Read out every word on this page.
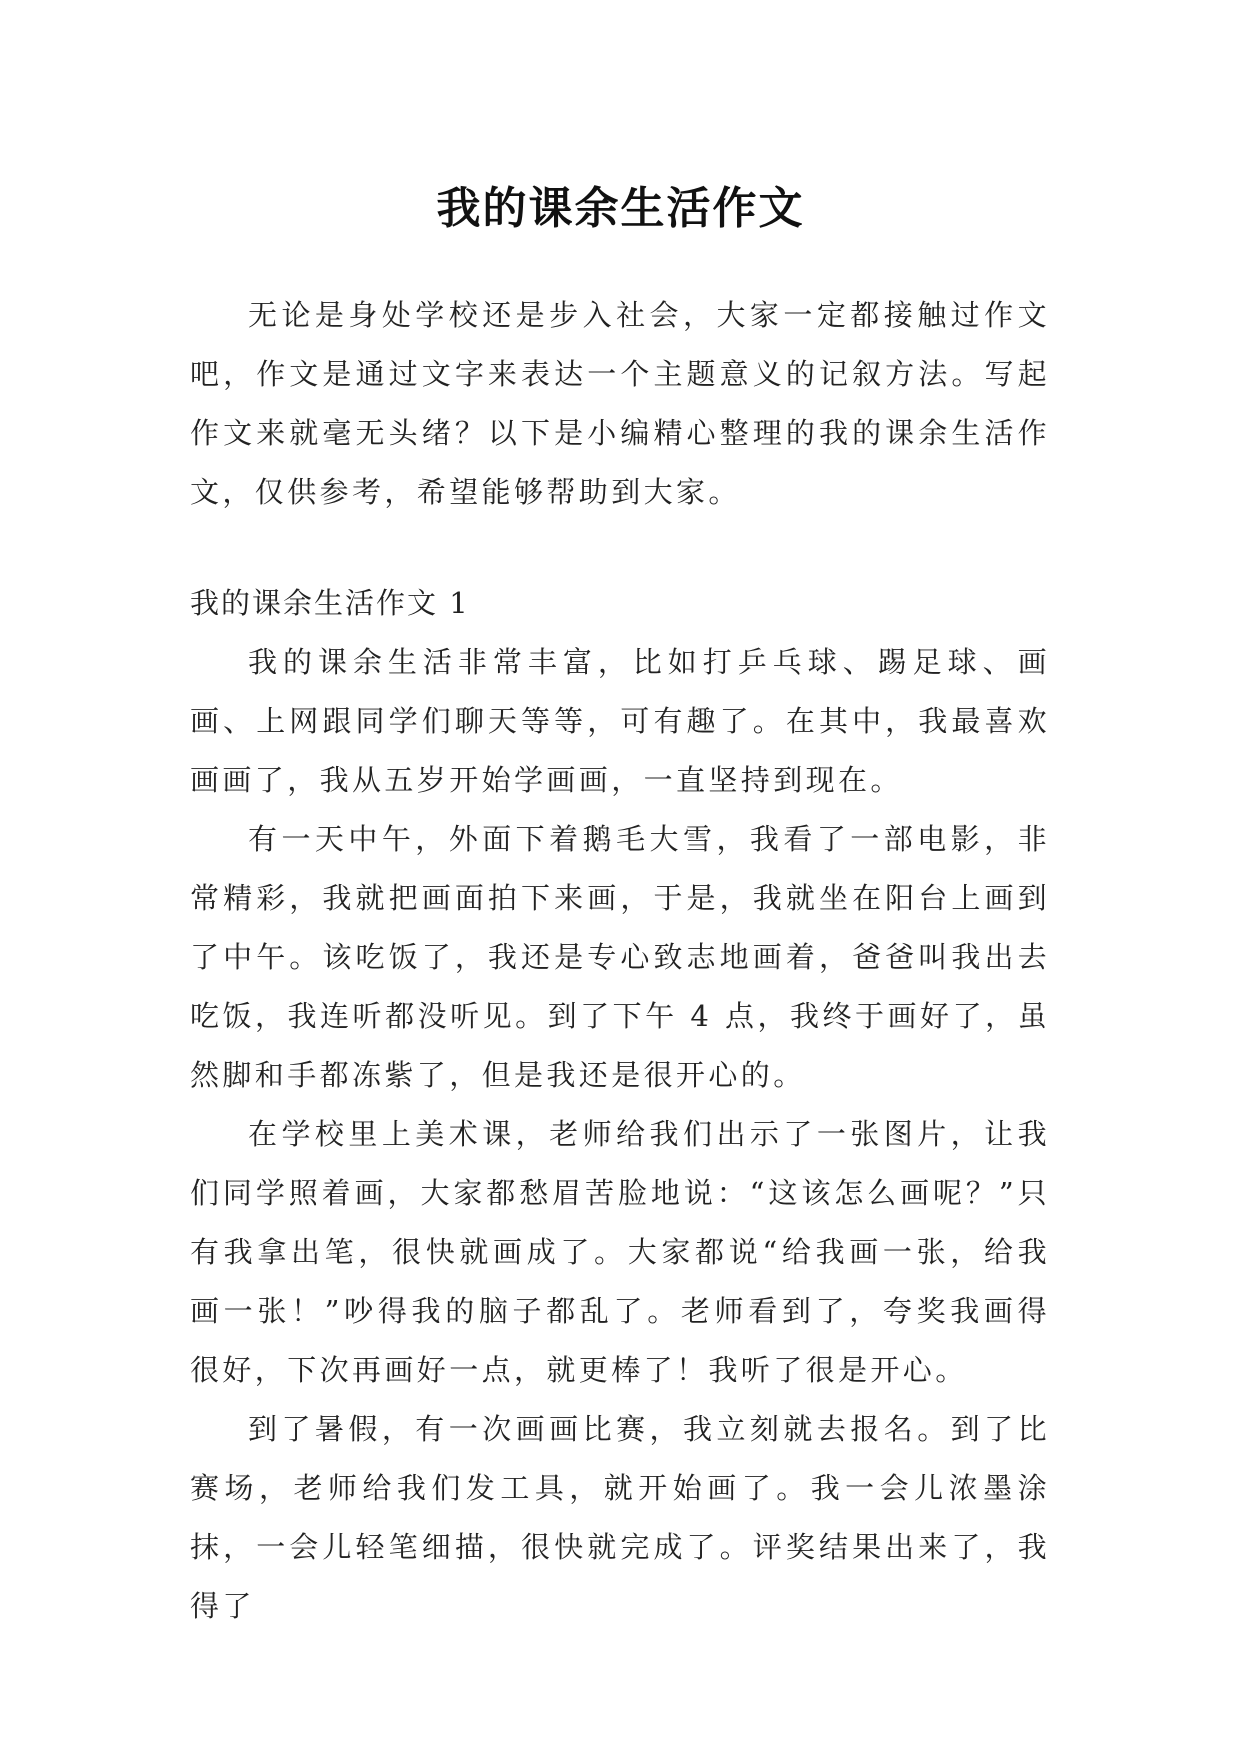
我的课余生活作文

无论是身处学校还是步入社会，大家一定都接触过作文吧，作文是通过文字来表达一个主题意义的记叙方法。写起作文来就毫无头绪？以下是小编精心整理的我的课余生活作文，仅供参考，希望能够帮助到大家。

我的课余生活作文 1

我的课余生活非常丰富，比如打乒乓球、踢足球、画画、上网跟同学们聊天等等，可有趣了。在其中，我最喜欢画画了，我从五岁开始学画画，一直坚持到现在。

有一天中午，外面下着鹅毛大雪，我看了一部电影，非常精彩，我就把画面拍下来画，于是，我就坐在阳台上画到了中午。该吃饭了，我还是专心致志地画着，爸爸叫我出去吃饭，我连听都没听见。到了下午 4 点，我终于画好了，虽然脚和手都冻紫了，但是我还是很开心的。

在学校里上美术课，老师给我们出示了一张图片，让我们同学照着画，大家都愁眉苦脸地说：“这该怎么画呢？”只有我拿出笔，很快就画成了。大家都说“给我画一张，给我画一张！”吵得我的脑子都乱了。老师看到了，夸奖我画得很好，下次再画好一点，就更棒了！我听了很是开心。

到了暑假，有一次画画比赛，我立刻就去报名。到了比赛场，老师给我们发工具，就开始画了。我一会儿浓墨涂抹，一会儿轻笔细描，很快就完成了。评奖结果出来了，我得了
